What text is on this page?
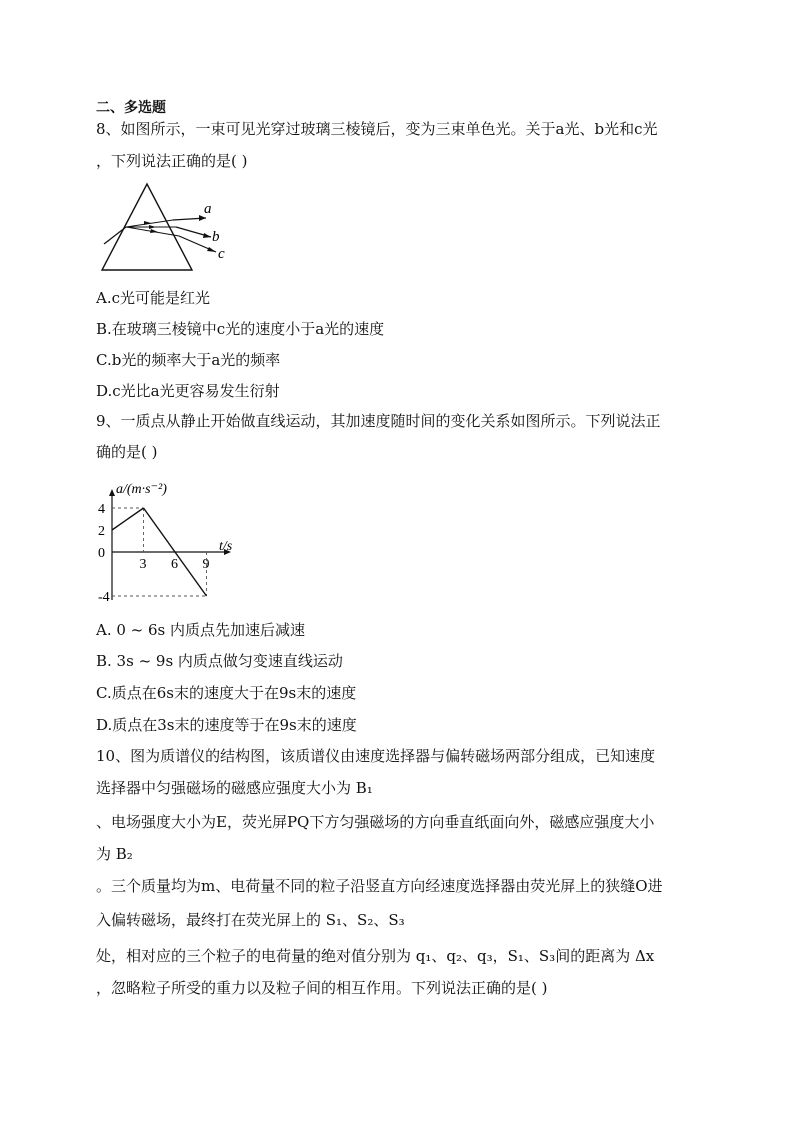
二、多选题
8、如图所示，一束可见光穿过玻璃三棱镜后，变为三束单色光。关于a光、b光和c光
，下列说法正确的是( )
a
b
c
A.c光可能是红光
B.在玻璃三棱镜中c光的速度小于a光的速度
C.b光的频率大于a光的频率
D.c光比a光更容易发生衍射
9、一质点从静止开始做直线运动，其加速度随时间的变化关系如图所示。下列说法正
确的是( )
a/(m·s⁻²)
t/s
4
2
0
-4
3 6 9
A. 0 ~ 6s 内质点先加速后减速
B. 3s ~ 9s 内质点做匀变速直线运动
C.质点在6s末的速度大于在9s末的速度
D.质点在3s末的速度等于在9s末的速度
10、图为质谱仪的结构图，该质谱仪由速度选择器与偏转磁场两部分组成，已知速度
选择器中匀强磁场的磁感应强度大小为 B₁
、电场强度大小为E，荧光屏PQ下方匀强磁场的方向垂直纸面向外，磁感应强度大小
为 B₂
。三个质量均为m、电荷量不同的粒子沿竖直方向经速度选择器由荧光屏上的狭缝O进
入偏转磁场，最终打在荧光屏上的 S₁、S₂、S₃
处，相对应的三个粒子的电荷量的绝对值分别为 q₁、q₂、q₃，S₁、S₃间的距离为 Δx
，忽略粒子所受的重力以及粒子间的相互作用。下列说法正确的是( )
